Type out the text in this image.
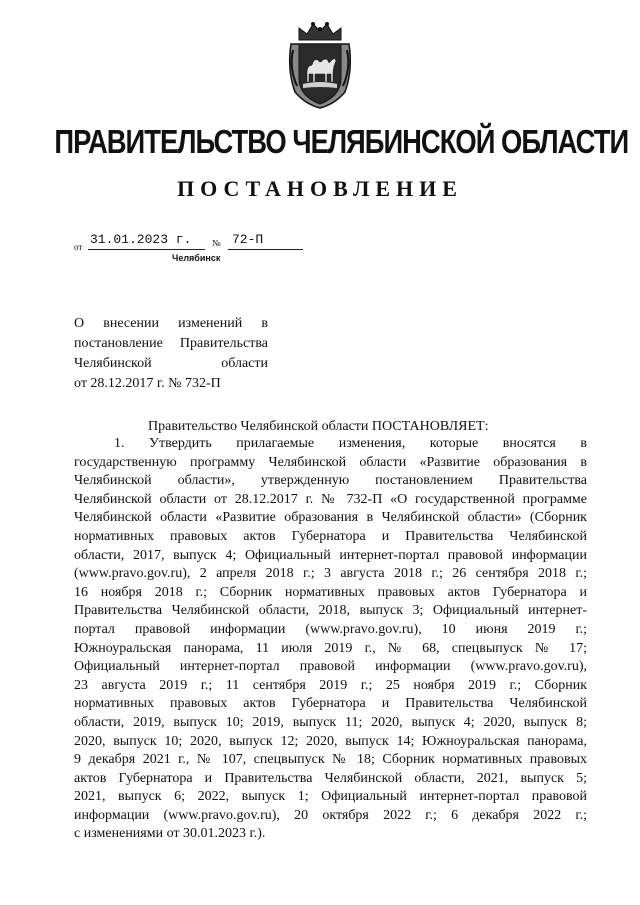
ПРАВИТЕЛЬСТВО ЧЕЛЯБИНСКОЙ ОБЛАСТИ
ПОСТАНОВЛЕНИЕ
от 31.01.2023 г. № 72-П
Челябинск
О внесении изменений в
постановление Правительства
Челябинской области
от 28.12.2017 г. № 732-П
Правительство Челябинской области ПОСТАНОВЛЯЕТ:
1. Утвердить прилагаемые изменения, которые вносятся в
государственную программу Челябинской области «Развитие образования в
Челябинской области», утвержденную постановлением Правительства
Челябинской области от 28.12.2017 г. № 732-П «О государственной программе
Челябинской области «Развитие образования в Челябинской области» (Сборник
нормативных правовых актов Губернатора и Правительства Челябинской
области, 2017, выпуск 4; Официальный интернет-портал правовой информации
(www.pravo.gov.ru), 2 апреля 2018 г.; 3 августа 2018 г.; 26 сентября 2018 г.;
16 ноября 2018 г.; Сборник нормативных правовых актов Губернатора и
Правительства Челябинской области, 2018, выпуск 3; Официальный интернет-
портал правовой информации (www.pravo.gov.ru), 10 июня 2019 г.;
Южноуральская панорама, 11 июля 2019 г., № 68, спецвыпуск № 17;
Официальный интернет-портал правовой информации (www.pravo.gov.ru),
23 августа 2019 г.; 11 сентября 2019 г.; 25 ноября 2019 г.; Сборник
нормативных правовых актов Губернатора и Правительства Челябинской
области, 2019, выпуск 10; 2019, выпуск 11; 2020, выпуск 4; 2020, выпуск 8;
2020, выпуск 10; 2020, выпуск 12; 2020, выпуск 14; Южноуральская панорама,
9 декабря 2021 г., № 107, спецвыпуск № 18; Сборник нормативных правовых
актов Губернатора и Правительства Челябинской области, 2021, выпуск 5;
2021, выпуск 6; 2022, выпуск 1; Официальный интернет-портал правовой
информации (www.pravo.gov.ru), 20 октября 2022 г.; 6 декабря 2022 г.;
с изменениями от 30.01.2023 г.).
